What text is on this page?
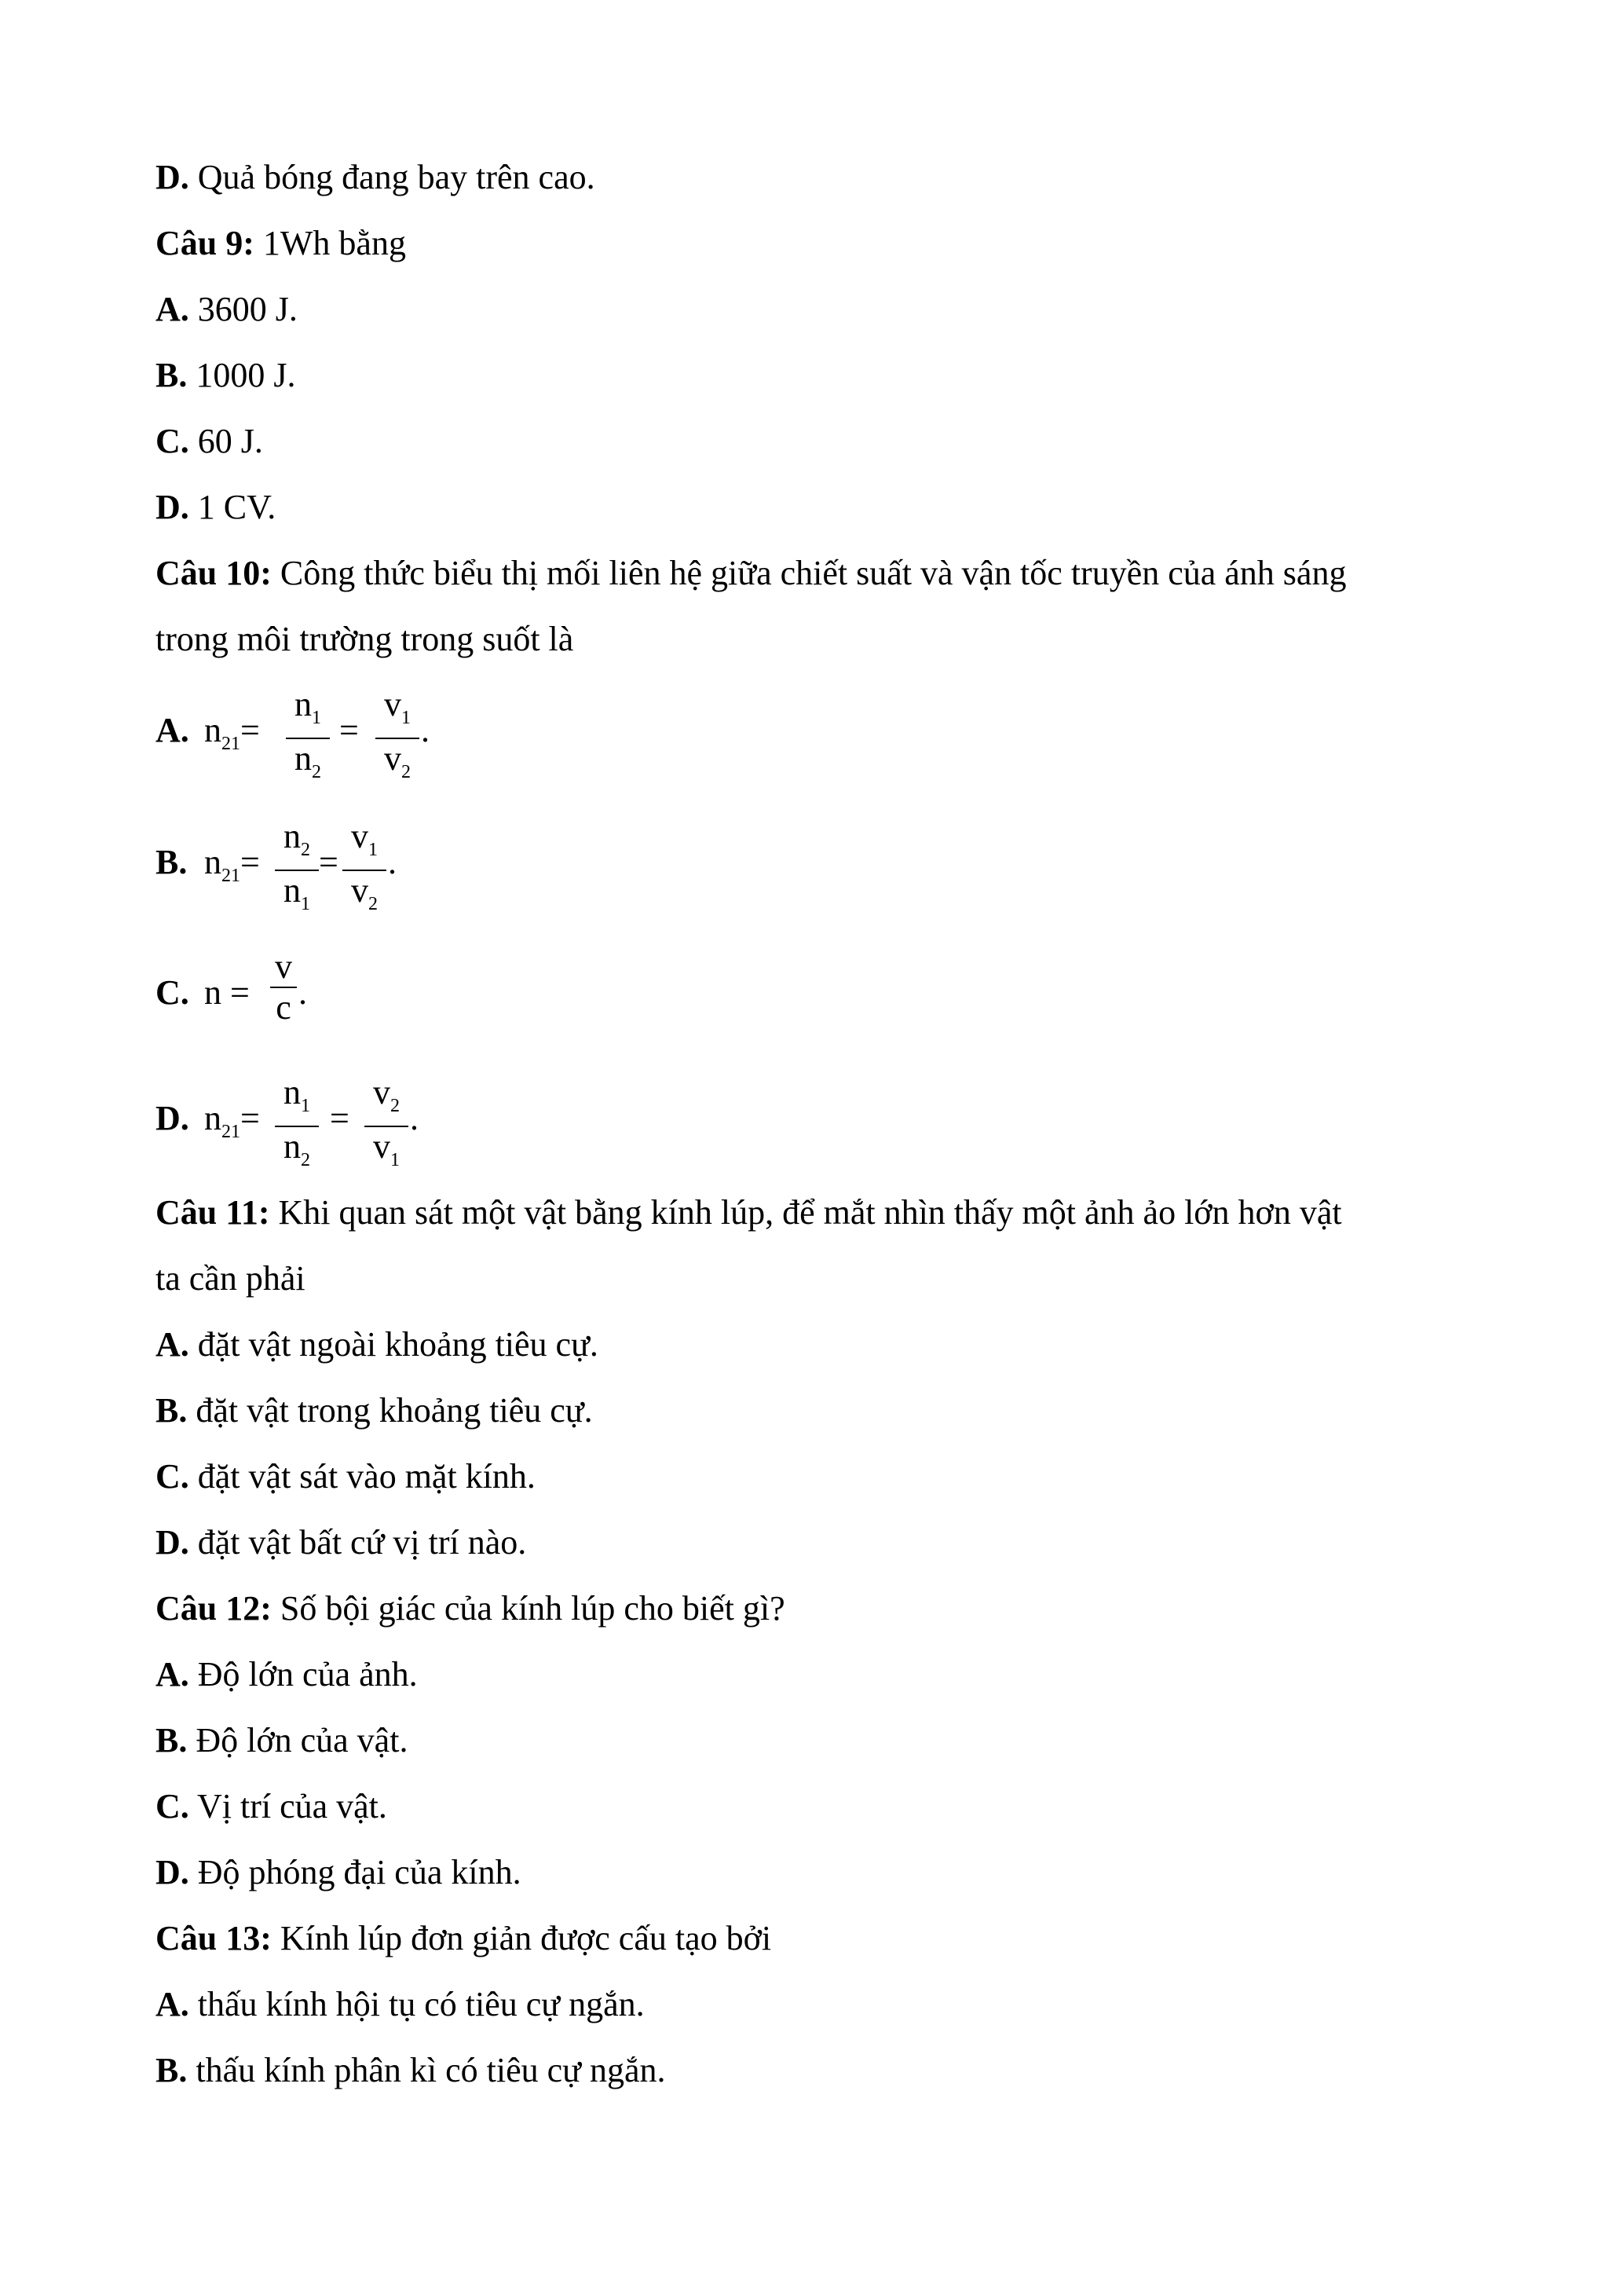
D. Quả bóng đang bay trên cao.
Câu 9: 1Wh bằng
A. 3600 J.
B. 1000 J.
C. 60 J.
D. 1 CV.
Câu 10: Công thức biểu thị mối liên hệ giữa chiết suất và vận tốc truyền của ánh sáng
trong môi trường trong suốt là
A. $n_{21}=$
$n_1$
$n_2$
=
$v_1$
$v_2$
.
B. $n_{21}=$
$n_2$
$n_1$
=
$v_1$
$v_2$
.
C. n =
v
c .
D. $n_{21}=$
$n_1$
$n_2$
=
$v_2$
$v_1$
.
Câu 11: Khi quan sát một vật bằng kính lúp, để mắt nhìn thấy một ảnh ảo lớn hơn vật
ta cần phải
A. đặt vật ngoài khoảng tiêu cự.
B. đặt vật trong khoảng tiêu cự.
C. đặt vật sát vào mặt kính.
D. đặt vật bất cứ vị trí nào.
Câu 12: Số bội giác của kính lúp cho biết gì?
A. Độ lớn của ảnh.
B. Độ lớn của vật.
C. Vị trí của vật.
D. Độ phóng đại của kính.
Câu 13: Kính lúp đơn giản được cấu tạo bởi
A. thấu kính hội tụ có tiêu cự ngắn.
B. thấu kính phân kì có tiêu cự ngắn.
